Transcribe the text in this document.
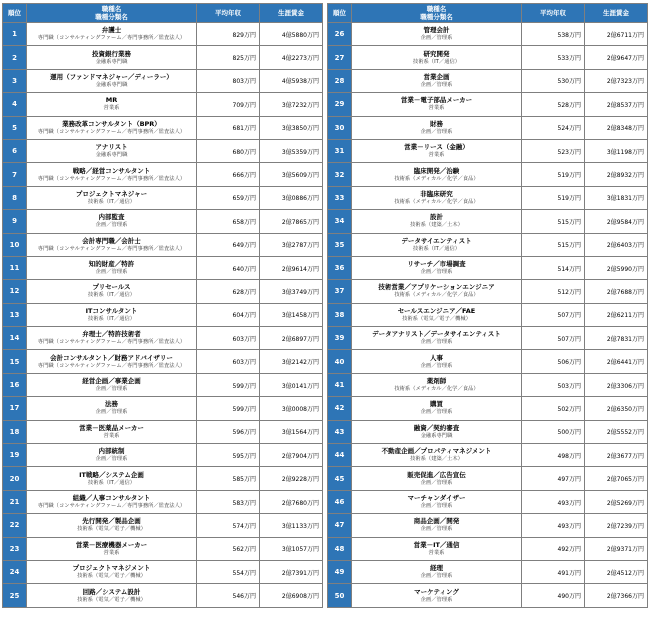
順位	職種名
職種分類名	平均年収	生涯賃金
1	弁護士
専門職（コンサルティングファーム／専門事務所／監査法人）	829万円	4億5880万円
2	投資銀行業務
金融系専門職	825万円	4億2273万円
3	運用（ファンドマネジャー／ディーラー）
金融系専門職	803万円	4億5938万円
4	MR
営業系	709万円	3億7232万円
5	業務改革コンサルタント（BPR）
専門職（コンサルティングファーム／専門事務所／監査法人）	681万円	3億3850万円
6	アナリスト
金融系専門職	680万円	3億5359万円
7	戦略／経営コンサルタント
専門職（コンサルティングファーム／専門事務所／監査法人）	666万円	3億5609万円
8	プロジェクトマネジャー
技術系（IT／通信）	659万円	3億0886万円
9	内部監査
企画／管理系	658万円	2億7865万円
10	会計専門職／会計士
専門職（コンサルティングファーム／専門事務所／監査法人）	649万円	3億2787万円
11	知的財産／特許
企画／管理系	640万円	2億9614万円
12	プリセールス
技術系（IT／通信）	628万円	3億3749万円
13	ITコンサルタント
技術系（IT／通信）	604万円	3億1458万円
14	弁理士／特許技術者
専門職（コンサルティングファーム／専門事務所／監査法人）	603万円	2億6897万円
15	会計コンサルタント／財務アドバイザリー
専門職（コンサルティングファーム／専門事務所／監査法人）	603万円	3億2142万円
16	経営企画／事業企画
企画／管理系	599万円	3億0141万円
17	法務
企画／管理系	599万円	3億0008万円
18	営業－医薬品メーカー
営業系	596万円	3億1564万円
19	内部統制
企画／管理系	595万円	2億7904万円
20	IT戦略／システム企画
技術系（IT／通信）	585万円	2億9228万円
21	組織／人事コンサルタント
専門職（コンサルティングファーム／専門事務所／監査法人）	583万円	2億7680万円
22	先行開発／製品企画
技術系（電気／電子／機械）	574万円	3億1133万円
23	営業－医療機器メーカー
営業系	562万円	3億1057万円
24	プロジェクトマネジメント
技術系（電気／電子／機械）	554万円	2億7391万円
25	回路／システム設計
技術系（電気／電子／機械）	546万円	2億6908万円
順位	職種名
職種分類名	平均年収	生涯賃金
26	管理会計
企画／管理系	538万円	2億6711万円
27	研究開発
技術系（IT／通信）	533万円	2億9647万円
28	営業企画
企画／管理系	530万円	2億7323万円
29	営業－電子部品メーカー
営業系	528万円	2億8537万円
30	財務
企画／管理系	524万円	2億8348万円
31	営業－リース（金融）
営業系	523万円	3億1198万円
32	臨床開発／治験
技術系（メディカル／化学／食品）	519万円	2億8932万円
33	非臨床研究
技術系（メディカル／化学／食品）	519万円	3億1831万円
34	設計
技術系（建築／土木）	515万円	2億9584万円
35	データサイエンティスト
技術系（IT／通信）	515万円	2億6403万円
36	リサーチ／市場調査
企画／管理系	514万円	2億5990万円
37	技術営業／アプリケーションエンジニア
技術系（メディカル／化学／食品）	512万円	2億7688万円
38	セールスエンジニア／FAE
技術系（電気／電子／機械）	507万円	2億6211万円
39	データアナリスト／データサイエンティスト
企画／管理系	507万円	2億7831万円
40	人事
企画／管理系	506万円	2億6441万円
41	薬剤師
技術系（メディカル／化学／食品）	503万円	2億3306万円
42	購買
企画／管理系	502万円	2億6350万円
43	融資／契約審査
金融系専門職	500万円	2億5552万円
44	不動産企画／プロパティマネジメント
技術系（建築／土木）	498万円	2億3677万円
45	販売促進／広告宣伝
企画／管理系	497万円	2億7065万円
46	マーチャンダイザー
企画／管理系	493万円	2億5269万円
47	商品企画／開発
企画／管理系	493万円	2億7239万円
48	営業－IT／通信
営業系	492万円	2億9371万円
49	経理
企画／管理系	491万円	2億4512万円
50	マーケティング
企画／管理系	490万円	2億7366万円
